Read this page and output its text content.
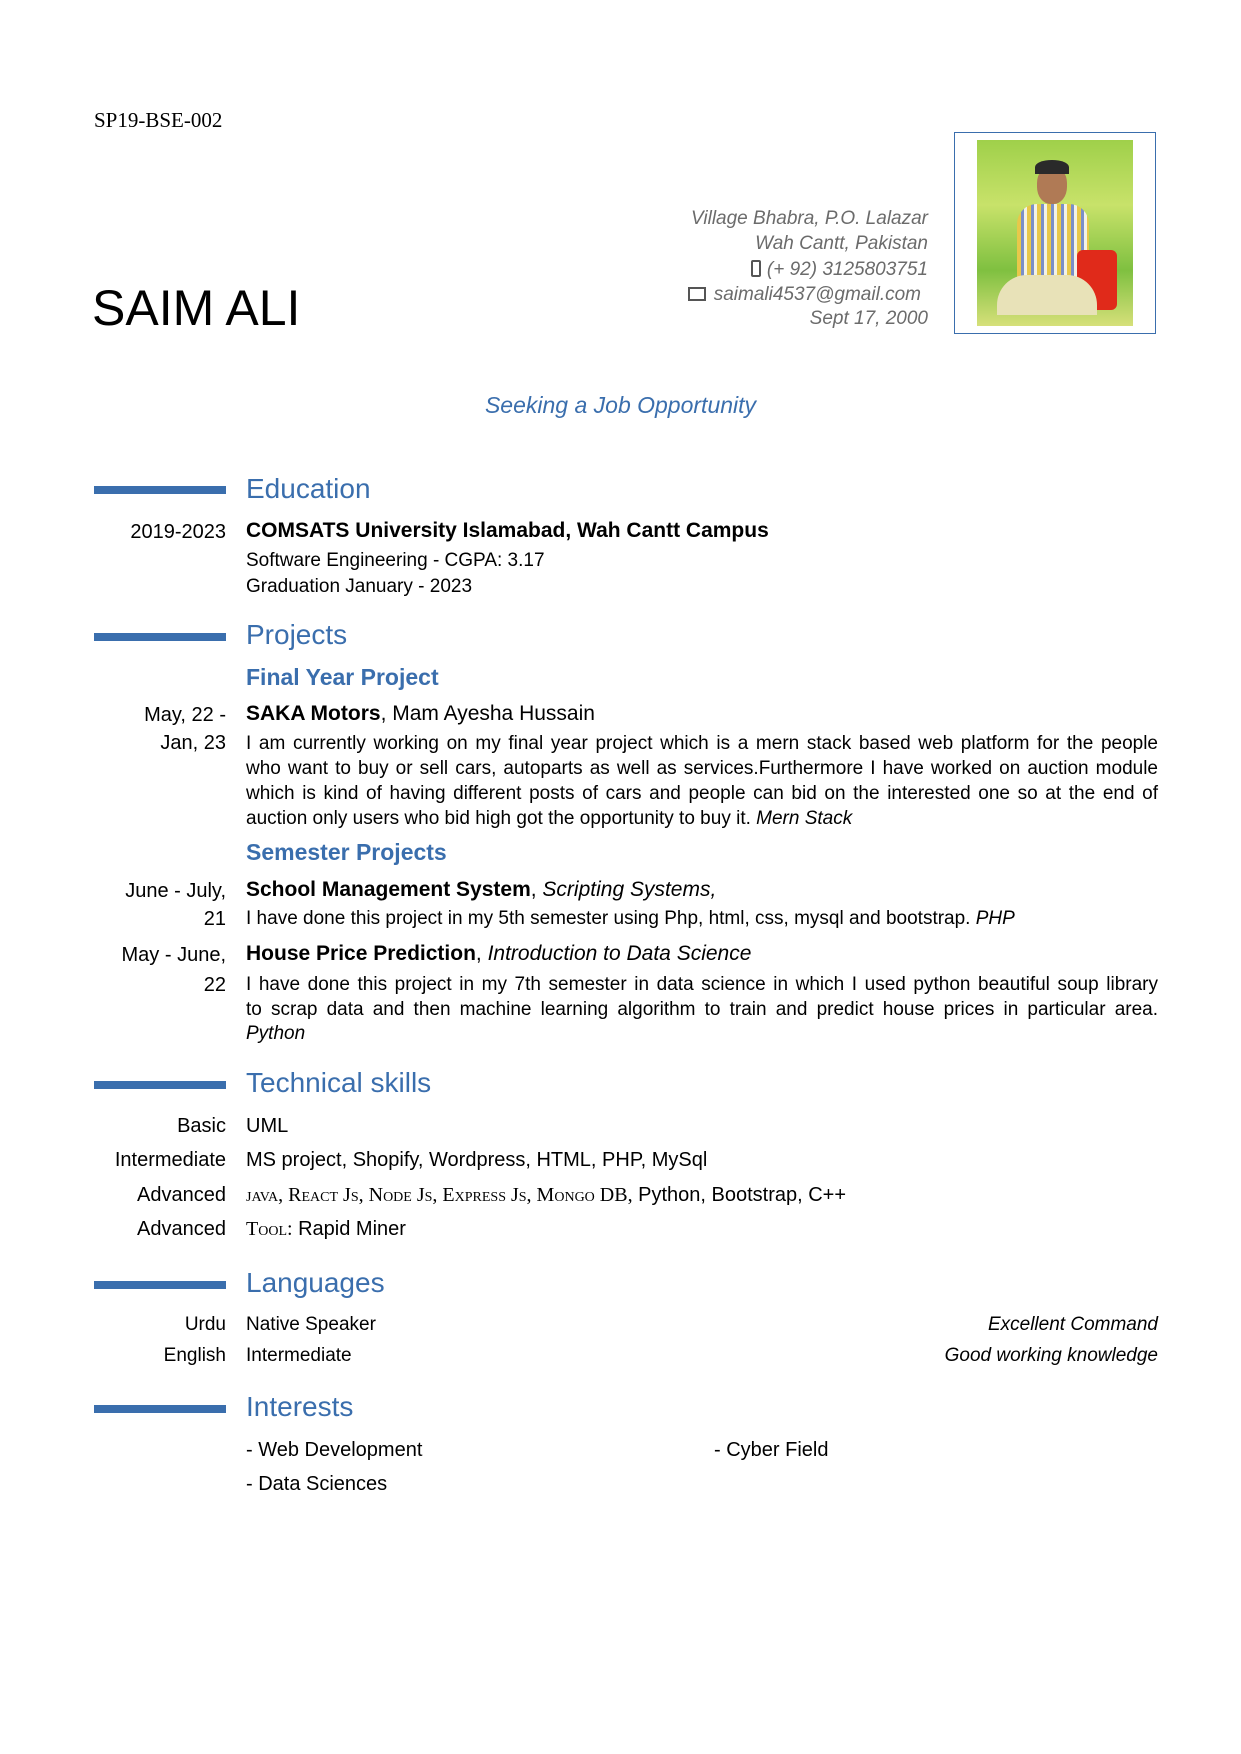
SP19-BSE-002
SAIM ALI
Village Bhabra, P.O. Lalazar
Wah Cantt, Pakistan
(+ 92) 3125803751
saimali4537@gmail.com
Sept 17, 2000
Seeking a Job Opportunity
Education
2019-2023 COMSATS University Islamabad, Wah Cantt Campus
Software Engineering - CGPA: 3.17
Graduation January - 2023
Projects
Final Year Project
May, 22 -
Jan, 23
SAKA Motors, Mam Ayesha Hussain
I am currently working on my final year project which is a mern stack based web platform for the people
who want to buy or sell cars, autoparts as well as services.Furthermore I have worked on auction module
which is kind of having different posts of cars and people can bid on the interested one so at the end of
auction only users who bid high got the opportunity to buy it. Mern Stack
Semester Projects
June - July,
21
School Management System, Scripting Systems,
I have done this project in my 5th semester using Php, html, css, mysql and bootstrap. PHP
May - June,
22
House Price Prediction, Introduction to Data Science
I have done this project in my 7th semester in data science in which I used python beautiful soup library
to scrap data and then machine learning algorithm to train and predict house prices in particular area.
Python
Technical skills
Basic UML
Intermediate MS project, Shopify, Wordpress, HTML, PHP, MySql
Advanced java, React Js, Node Js, Express Js, Mongo DB, Python, Bootstrap, C++
Advanced Tool: Rapid Miner
Languages
Urdu Native Speaker	Excellent Command
English Intermediate	Good working knowledge
Interests
- Web Development
- Data Sciences
- Cyber Field
